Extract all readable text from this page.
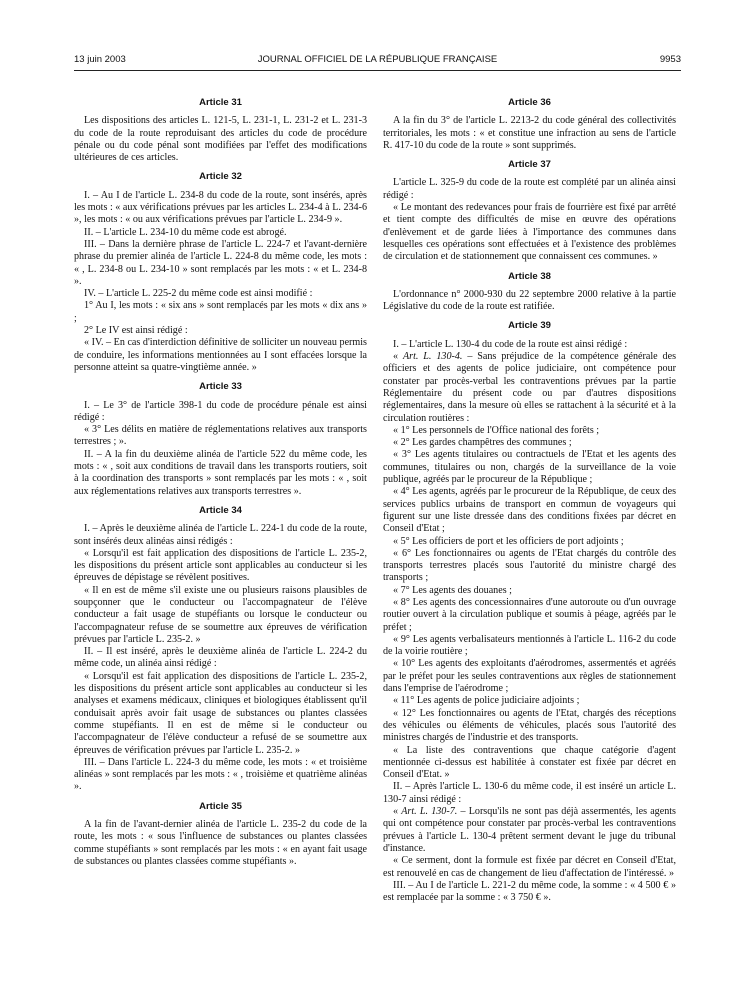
13 juin 2003	JOURNAL OFFICIEL DE LA RÉPUBLIQUE FRANÇAISE	9953
Article 31

Les dispositions des articles L. 121-5, L. 231-1, L. 231-2 et L. 231-3 du code de la route reproduisant des articles du code de procédure pénale ou du code pénal sont modifiées par l'effet des modifications ultérieures de ces articles.

Article 32

I. – Au I de l'article L. 234-8 du code de la route, sont insérés, après les mots : « aux vérifications prévues par les articles L. 234-4 à L. 234-6 », les mots : « ou aux vérifications prévues par l'article L. 234-9 ».

II. – L'article L. 234-10 du même code est abrogé.

III. – Dans la dernière phrase de l'article L. 224-7 et l'avant-dernière phrase du premier alinéa de l'article L. 224-8 du même code, les mots : « , L. 234-8 ou L. 234-10 » sont remplacés par les mots : « et L. 234-8 ».

IV. – L'article L. 225-2 du même code est ainsi modifié :

1° Au I, les mots : « six ans » sont remplacés par les mots « dix ans » ;

2° Le IV est ainsi rédigé :

« IV. – En cas d'interdiction définitive de solliciter un nouveau permis de conduire, les informations mentionnées au I sont effacées lorsque la personne atteint sa quatre-vingtième année. »

Article 33

I. – Le 3° de l'article 398-1 du code de procédure pénale est ainsi rédigé :

« 3° Les délits en matière de réglementations relatives aux transports terrestres ; ».

II. – A la fin du deuxième alinéa de l'article 522 du même code, les mots : « , soit aux conditions de travail dans les transports routiers, soit à la coordination des transports » sont remplacés par les mots : « , soit aux réglementations relatives aux transports terrestres ».

Article 34

I. – Après le deuxième alinéa de l'article L. 224-1 du code de la route, sont insérés deux alinéas ainsi rédigés :

« Lorsqu'il est fait application des dispositions de l'article L. 235-2, les dispositions du présent article sont applicables au conducteur si les épreuves de dépistage se révèlent positives.

« Il en est de même s'il existe une ou plusieurs raisons plausibles de soupçonner que le conducteur ou l'accompagnateur de l'élève conducteur a fait usage de stupéfiants ou lorsque le conducteur ou l'accompagnateur refuse de se soumettre aux épreuves de vérification prévues par l'article L. 235-2. »

II. – Il est inséré, après le deuxième alinéa de l'article L. 224-2 du même code, un alinéa ainsi rédigé :

« Lorsqu'il est fait application des dispositions de l'article L. 235-2, les dispositions du présent article sont applicables au conducteur si les analyses et examens médicaux, cliniques et biologiques établissent qu'il conduisait après avoir fait usage de substances ou plantes classées comme stupéfiants. Il en est de même si le conducteur ou l'accompagnateur de l'élève conducteur a refusé de se soumettre aux épreuves de vérification prévues par l'article L. 235-2. »

III. – Dans l'article L. 224-3 du même code, les mots : « et troisième alinéas » sont remplacés par les mots : « , troisième et quatrième alinéas ».

Article 35

A la fin de l'avant-dernier alinéa de l'article L. 235-2 du code de la route, les mots : « sous l'influence de substances ou plantes classées comme stupéfiants » sont remplacés par les mots : « en ayant fait usage de substances ou plantes classées comme stupéfiants ».

Article 36

A la fin du 3° de l'article L. 2213-2 du code général des collectivités territoriales, les mots : « et constitue une infraction au sens de l'article R. 417-10 du code de la route » sont supprimés.

Article 37

L'article L. 325-9 du code de la route est complété par un alinéa ainsi rédigé :

« Le montant des redevances pour frais de fourrière est fixé par arrêté et tient compte des difficultés de mise en œuvre des opérations d'enlèvement et de garde liées à l'importance des communes dans lesquelles ces opérations sont effectuées et à l'existence des problèmes de circulation et de stationnement que connaissent ces communes. »

Article 38

L'ordonnance n° 2000-930 du 22 septembre 2000 relative à la partie Législative du code de la route est ratifiée.

Article 39

I. – L'article L. 130-4 du code de la route est ainsi rédigé :

« Art. L. 130-4. – Sans préjudice de la compétence générale des officiers et des agents de police judiciaire, ont compétence pour constater par procès-verbal les contraventions prévues par la partie Réglementaire du présent code ou par d'autres dispositions réglementaires, dans la mesure où elles se rattachent à la sécurité et à la circulation routières :

« 1° Les personnels de l'Office national des forêts ;

« 2° Les gardes champêtres des communes ;

« 3° Les agents titulaires ou contractuels de l'Etat et les agents des communes, titulaires ou non, chargés de la surveillance de la voie publique, agréés par le procureur de la République ;

« 4° Les agents, agréés par le procureur de la République, de ceux des services publics urbains de transport en commun de voyageurs qui figurent sur une liste dressée dans des conditions fixées par décret en Conseil d'Etat ;

« 5° Les officiers de port et les officiers de port adjoints ;

« 6° Les fonctionnaires ou agents de l'Etat chargés du contrôle des transports terrestres placés sous l'autorité du ministre chargé des transports ;

« 7° Les agents des douanes ;

« 8° Les agents des concessionnaires d'une autoroute ou d'un ouvrage routier ouvert à la circulation publique et soumis à péage, agréés par le préfet ;

« 9° Les agents verbalisateurs mentionnés à l'article L. 116-2 du code de la voirie routière ;

« 10° Les agents des exploitants d'aérodromes, assermentés et agréés par le préfet pour les seules contraventions aux règles de stationnement dans l'emprise de l'aérodrome ;

« 11° Les agents de police judiciaire adjoints ;

« 12° Les fonctionnaires ou agents de l'Etat, chargés des réceptions des véhicules ou éléments de véhicules, placés sous l'autorité des ministres chargés de l'industrie et des transports.

« La liste des contraventions que chaque catégorie d'agent mentionnée ci-dessus est habilitée à constater est fixée par décret en Conseil d'Etat. »

II. – Après l'article L. 130-6 du même code, il est inséré un article L. 130-7 ainsi rédigé :

« Art. L. 130-7. – Lorsqu'ils ne sont pas déjà assermentés, les agents qui ont compétence pour constater par procès-verbal les contraventions prévues à l'article L. 130-4 prêtent serment devant le juge du tribunal d'instance.

« Ce serment, dont la formule est fixée par décret en Conseil d'Etat, est renouvelé en cas de changement de lieu d'affectation de l'intéressé. »

III. – Au I de l'article L. 221-2 du même code, la somme : « 4 500 € » est remplacée par la somme : « 3 750 € ».
